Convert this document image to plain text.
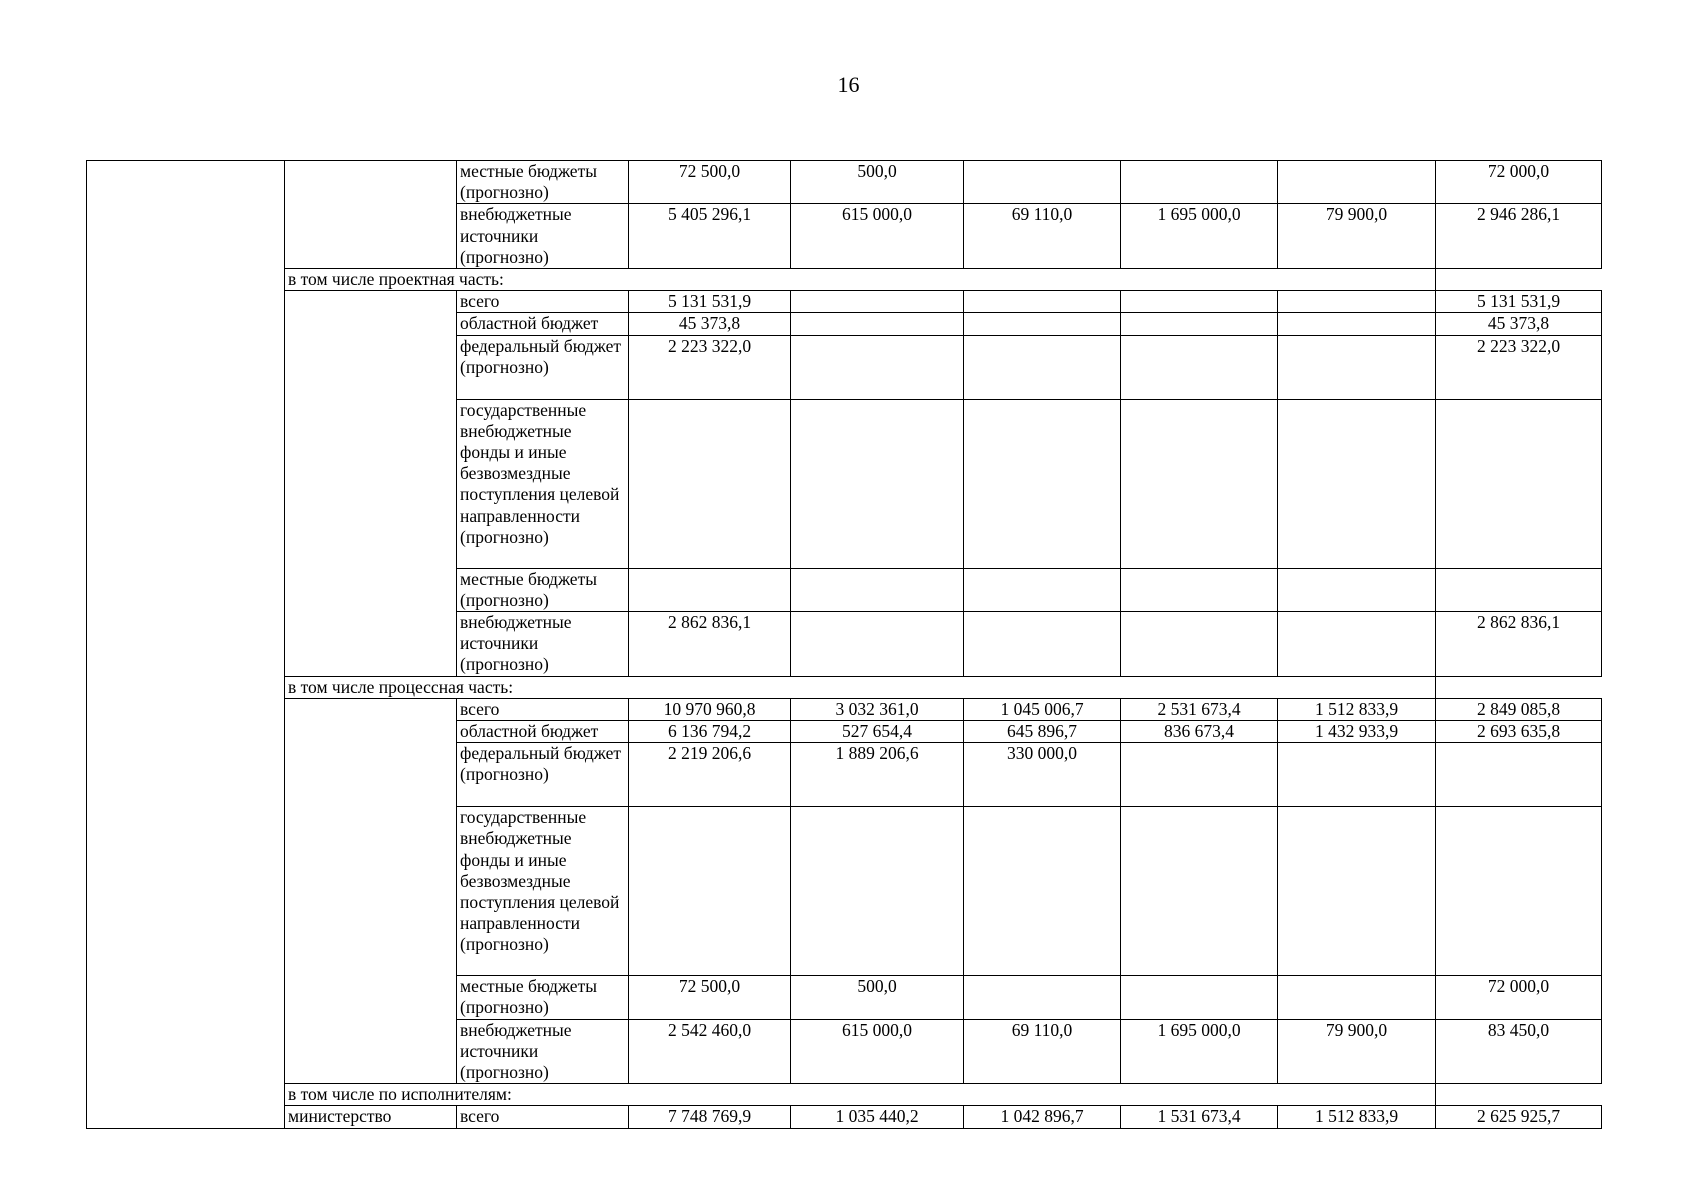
16
		местные бюджеты (прогнозно)	72 500,0	500,0				72 000,0
		внебюджетные источники (прогнозно)	5 405 296,1	615 000,0	69 110,0	1 695 000,0	79 900,0	2 946 286,1
	в том числе проектная часть:							
		всего	5 131 531,9					5 131 531,9
		областной бюджет	45 373,8					45 373,8
		федеральный бюджет (прогнозно)	2 223 322,0					2 223 322,0
		государственные внебюджетные фонды и иные безвозмездные поступления целевой направленности (прогнозно)						
		местные бюджеты (прогнозно)						
		внебюджетные источники (прогнозно)	2 862 836,1					2 862 836,1
	в том числе процессная часть:							
		всего	10 970 960,8	3 032 361,0	1 045 006,7	2 531 673,4	1 512 833,9	2 849 085,8
		областной бюджет	6 136 794,2	527 654,4	645 896,7	836 673,4	1 432 933,9	2 693 635,8
		федеральный бюджет (прогнозно)	2 219 206,6	1 889 206,6	330 000,0			
		государственные внебюджетные фонды и иные безвозмездные поступления целевой направленности (прогнозно)						
		местные бюджеты (прогнозно)	72 500,0	500,0				72 000,0
		внебюджетные источники (прогнозно)	2 542 460,0	615 000,0	69 110,0	1 695 000,0	79 900,0	83 450,0
	в том числе по исполнителям:							
	министерство	всего	7 748 769,9	1 035 440,2	1 042 896,7	1 531 673,4	1 512 833,9	2 625 925,7
